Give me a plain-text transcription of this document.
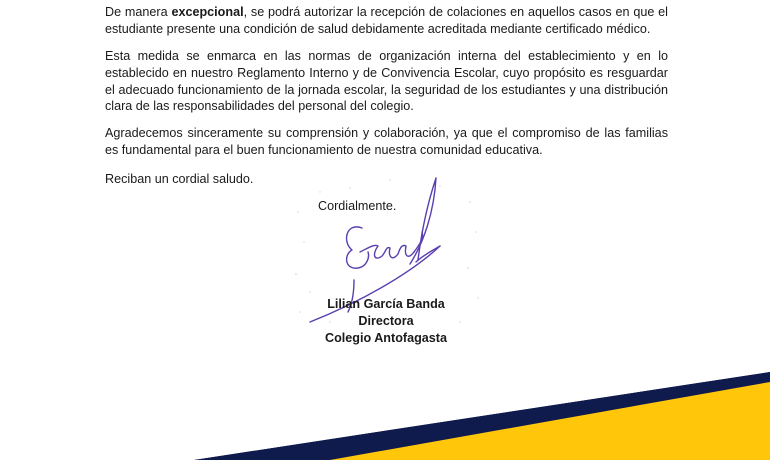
De manera excepcional, se podrá autorizar la recepción de colaciones en aquellos casos en que el estudiante presente una condición de salud debidamente acreditada mediante certificado médico.

Esta medida se enmarca en las normas de organización interna del establecimiento y en lo establecido en nuestro Reglamento Interno y de Convivencia Escolar, cuyo propósito es resguardar el adecuado funcionamiento de la jornada escolar, la seguridad de los estudiantes y una distribución clara de las responsabilidades del personal del colegio.

Agradecemos sinceramente su comprensión y colaboración, ya que el compromiso de las familias es fundamental para el buen funcionamiento de nuestra comunidad educativa.

Reciban un cordial saludo.

Cordialmente.
Lilian García Banda
Directora
Colegio Antofagasta
